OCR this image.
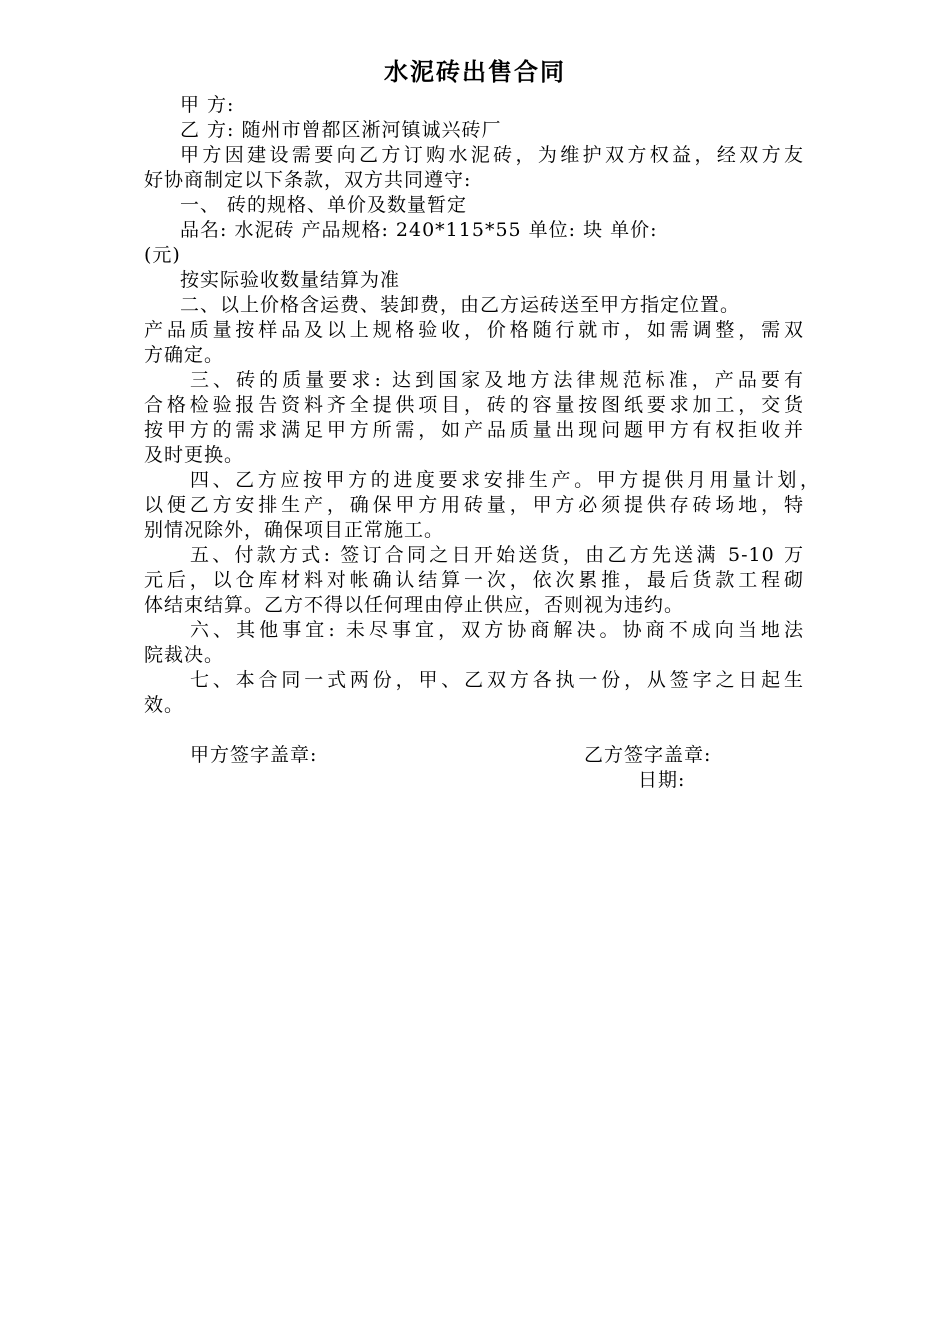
水泥砖出售合同
甲 方:
乙 方: 随州市曾都区淅河镇诚兴砖厂
甲方因建设需要向乙方订购水泥砖，为维护双方权益，经双方友
好协商制定以下条款，双方共同遵守:
一、 砖的规格、单价及数量暂定
品名: 水泥砖 产品规格: 240*115*55 单位: 块 单价:
(元)
按实际验收数量结算为准
二、以上价格含运费、装卸费，由乙方运砖送至甲方指定位置。
产品质量按样品及以上规格验收，价格随行就市，如需调整，需双
方确定。
三、砖的质量要求: 达到国家及地方法律规范标准，产品要有
合格检验报告资料齐全提供项目，砖的容量按图纸要求加工，交货
按甲方的需求满足甲方所需，如产品质量出现问题甲方有权拒收并
及时更换。
四、乙方应按甲方的进度要求安排生产。甲方提供月用量计划，
以便乙方安排生产，确保甲方用砖量，甲方必须提供存砖场地，特
别情况除外，确保项目正常施工。
五、付款方式: 签订合同之日开始送货，由乙方先送满 5-10 万
元后，以仓库材料对帐确认结算一次，依次累推，最后货款工程砌
体结束结算。乙方不得以任何理由停止供应，否则视为违约。
六、其他事宜: 未尽事宜，双方协商解决。协商不成向当地法
院裁决。
七、本合同一式两份，甲、乙双方各执一份，从签字之日起生
效。
甲方签字盖章:	乙方签字盖章:
日期:
